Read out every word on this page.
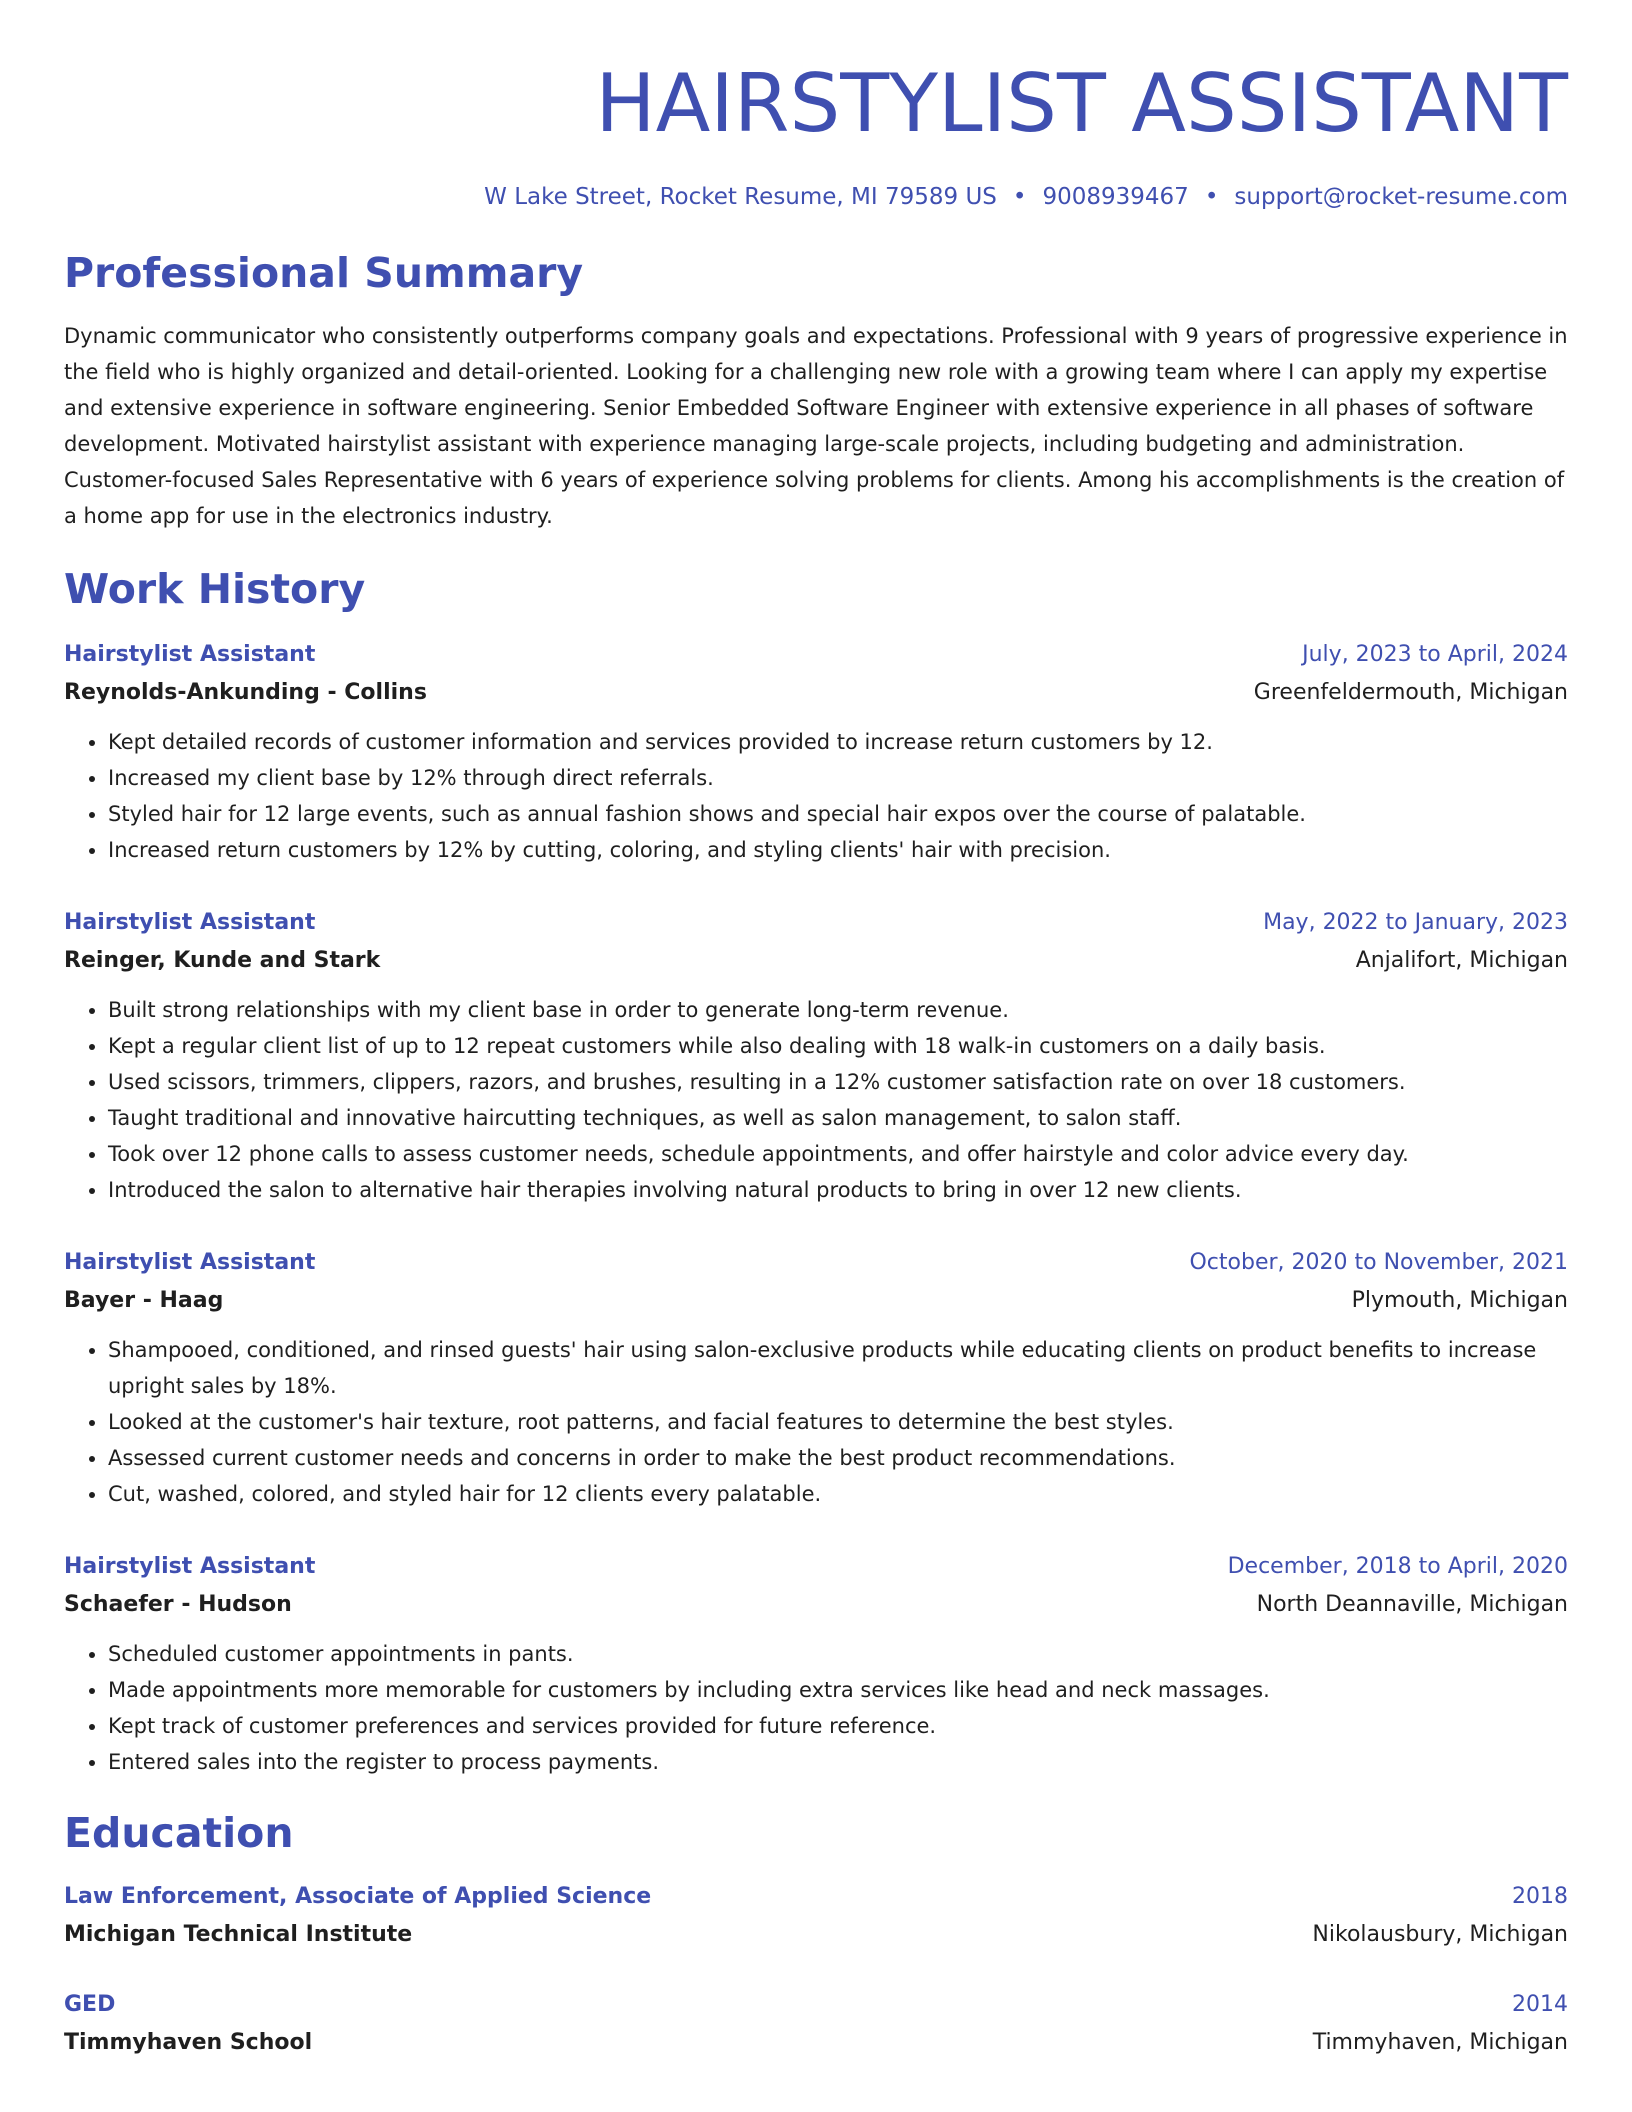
HAIRSTYLIST ASSISTANT
W Lake Street, Rocket Resume, MI 79589 US • 9008939467 • support@rocket-resume.com
Professional Summary

Dynamic communicator who consistently outperforms company goals and expectations. Professional with 9 years of progressive experience in the field who is highly organized and detail-oriented. Looking for a challenging new role with a growing team where I can apply my expertise and extensive experience in software engineering. Senior Embedded Software Engineer with extensive experience in all phases of software development. Motivated hairstylist assistant with experience managing large-scale projects, including budgeting and administration. Customer-focused Sales Representative with 6 years of experience solving problems for clients. Among his accomplishments is the creation of a home app for use in the electronics industry.

Work History
Hairstylist Assistant	July, 2023 to April, 2024
Reynolds-Ankunding - Collins	Greenfeldermouth, Michigan
• Kept detailed records of customer information and services provided to increase return customers by 12.
• Increased my client base by 12% through direct referrals.
• Styled hair for 12 large events, such as annual fashion shows and special hair expos over the course of palatable.
• Increased return customers by 12% by cutting, coloring, and styling clients' hair with precision.
Hairstylist Assistant	May, 2022 to January, 2023
Reinger, Kunde and Stark	Anjalifort, Michigan
• Built strong relationships with my client base in order to generate long-term revenue.
• Kept a regular client list of up to 12 repeat customers while also dealing with 18 walk-in customers on a daily basis.
• Used scissors, trimmers, clippers, razors, and brushes, resulting in a 12% customer satisfaction rate on over 18 customers.
• Taught traditional and innovative haircutting techniques, as well as salon management, to salon staff.
• Took over 12 phone calls to assess customer needs, schedule appointments, and offer hairstyle and color advice every day.
• Introduced the salon to alternative hair therapies involving natural products to bring in over 12 new clients.
Hairstylist Assistant	October, 2020 to November, 2021
Bayer - Haag	Plymouth, Michigan
• Shampooed, conditioned, and rinsed guests' hair using salon-exclusive products while educating clients on product benefits to increase upright sales by 18%.
• Looked at the customer's hair texture, root patterns, and facial features to determine the best styles.
• Assessed current customer needs and concerns in order to make the best product recommendations.
• Cut, washed, colored, and styled hair for 12 clients every palatable.
Hairstylist Assistant	December, 2018 to April, 2020
Schaefer - Hudson	North Deannaville, Michigan
• Scheduled customer appointments in pants.
• Made appointments more memorable for customers by including extra services like head and neck massages.
• Kept track of customer preferences and services provided for future reference.
• Entered sales into the register to process payments.
Education
Law Enforcement, Associate of Applied Science	2018
Michigan Technical Institute	Nikolausbury, Michigan
GED	2014
Timmyhaven School	Timmyhaven, Michigan
